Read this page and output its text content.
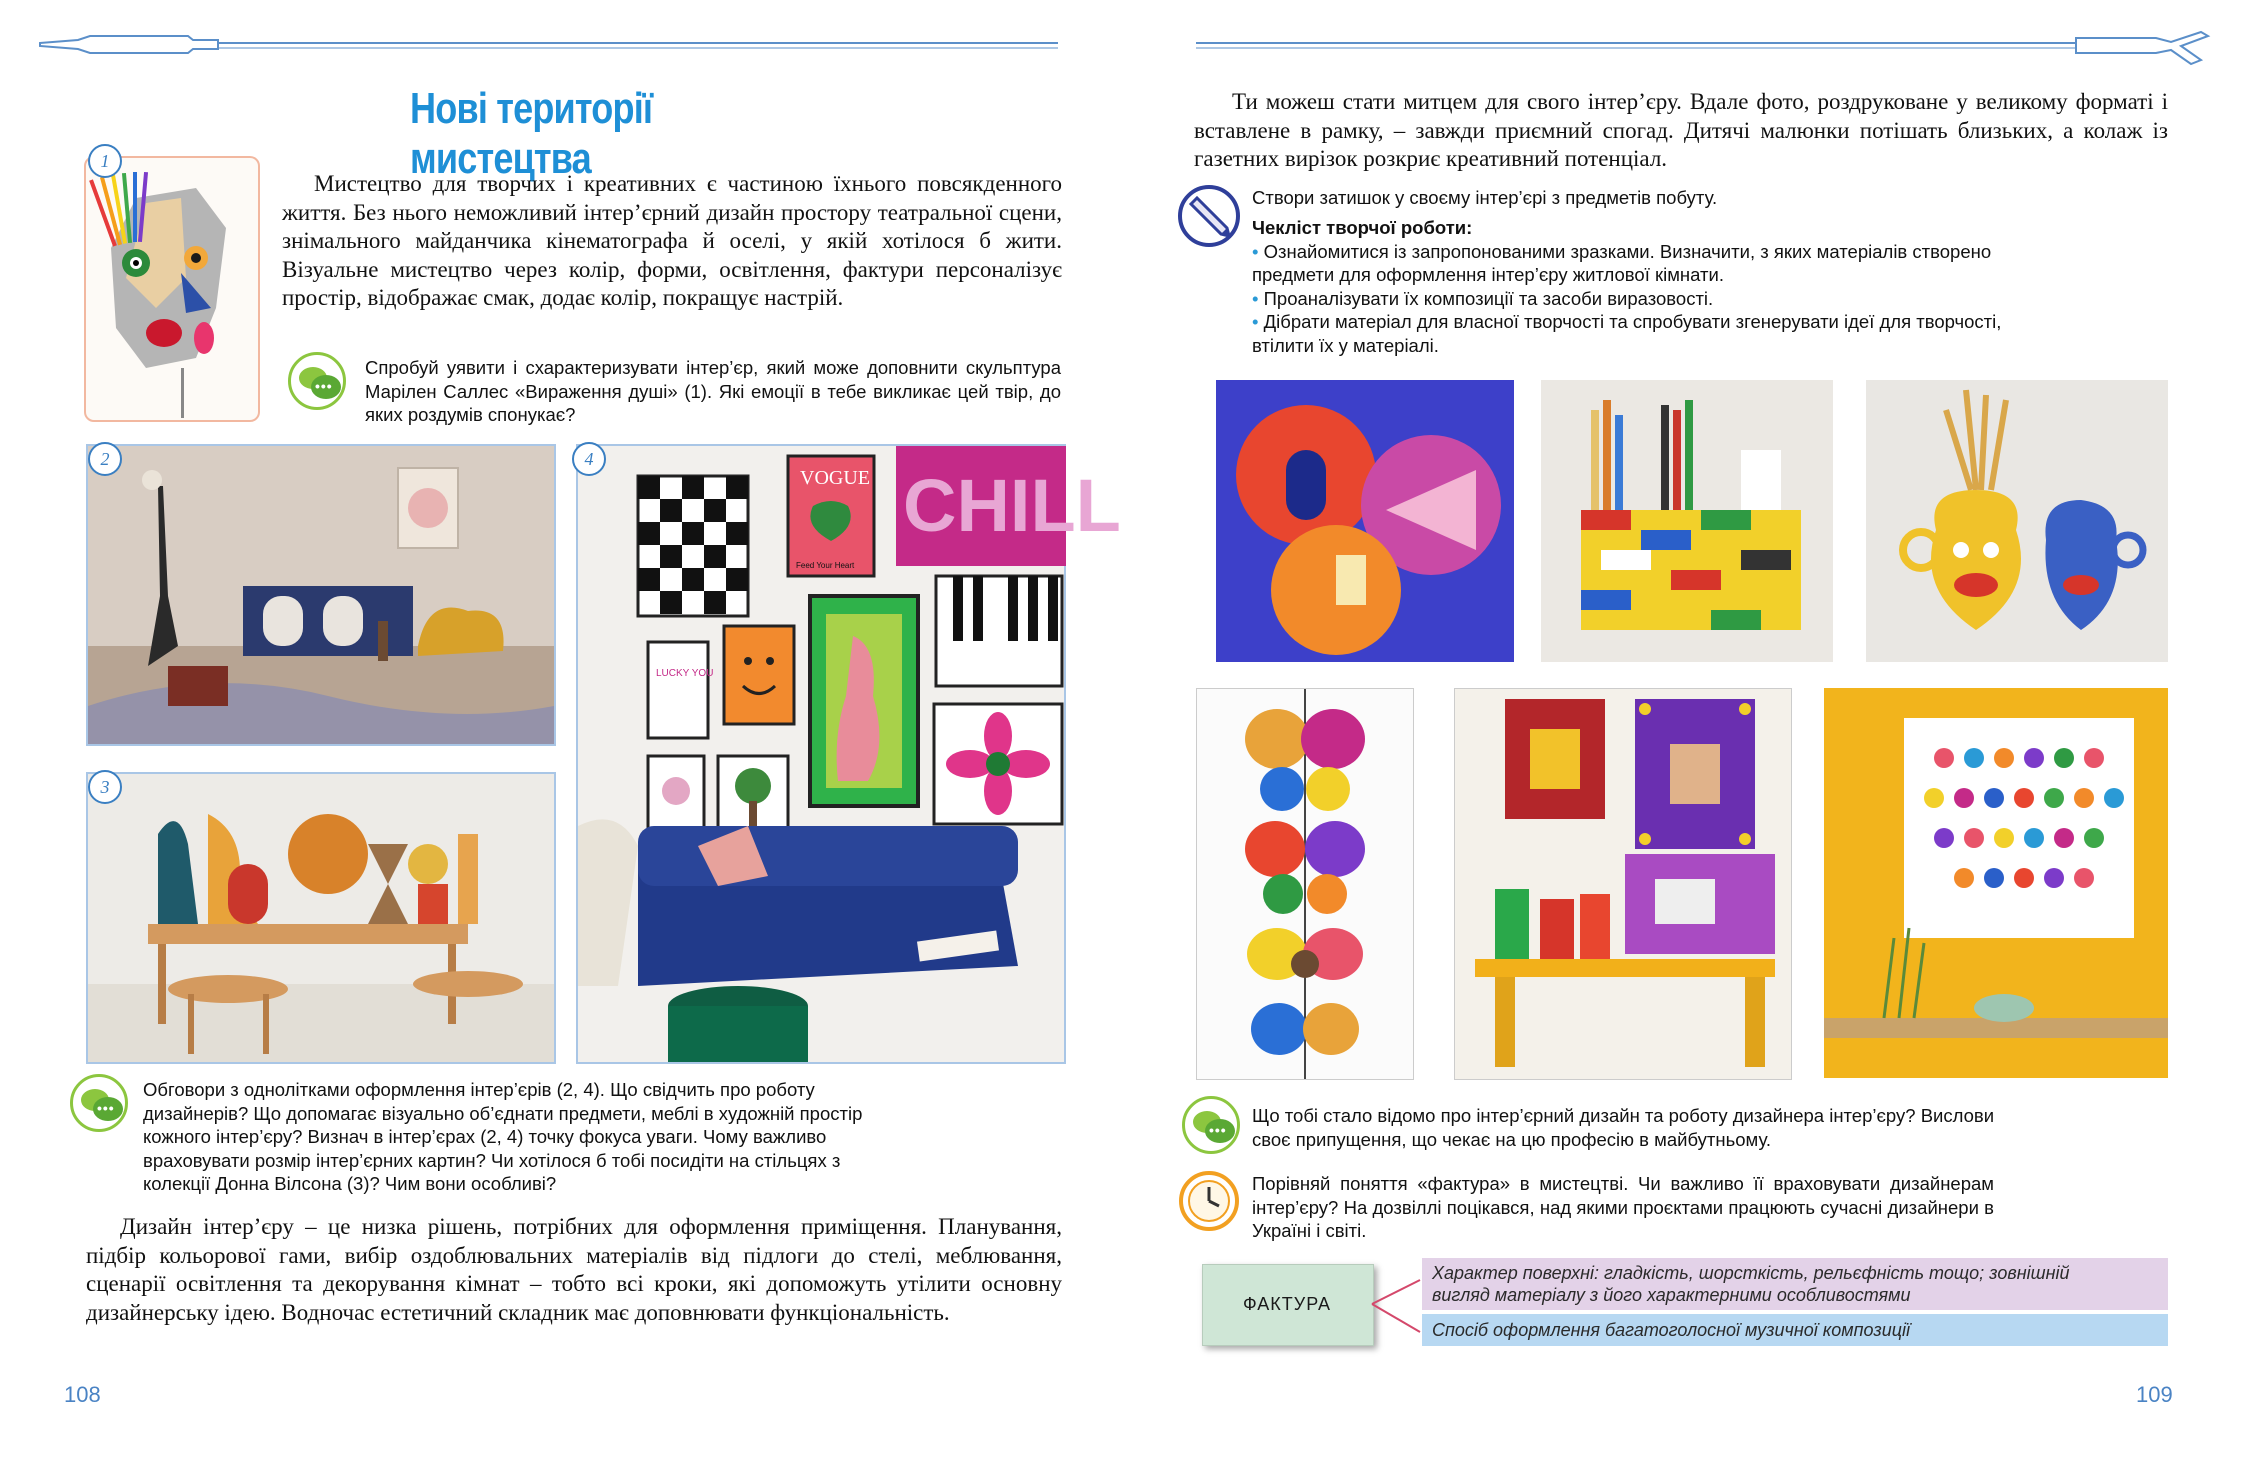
Нові території мистецтва
1
Мистецтво для творчих і креативних є частиною їхнього повсякденного життя. Без нього неможливий інтер’єрний дизайн простору театральної сцени, знімального майданчика кінематографа й оселі, у якій хотілося б жити. Візуальне мистецтво через колір, форми, освітлення, фактури персоналізує простір, відображає смак, додає колір, покращує настрій.
•••
Спробуй уявити і схарактеризувати інтер’єр, який може доповнити скульптура Марілен Саллес «Вираження душі» (1). Які емоції в тебе викликає цей твір, до яких роздумів спонукає?
2
3
VOGUE
Feed Your Heart
CHILL
LUCKY YOU
4
•••
Обговори з однолітками оформлення інтер’єрів (2, 4). Що свідчить про роботу дизайнерів? Що допомагає візуально об’єднати предмети, меблі в художній простір кожного інтер’єру? Визнач в інтер’єрах (2, 4) точку фокуса уваги. Чому важливо враховувати розмір інтер’єрних картин? Чи хотілося б тобі посидіти на стільцях з колекції Донна Вілсона (3)? Чим вони особливі?
Дизайн інтер’єру – це низка рішень, потрібних для оформлення приміщення. Планування, підбір кольорової гами, вибір оздоблювальних матеріалів від підлоги до стелі, меблювання, сценарії освітлення та декорування кімнат – тобто всі кроки, які допоможуть утілити основну дизайнерську ідею. Водночас естетичний складник має доповнювати функціональність.
108
Ти можеш стати митцем для свого інтер’єру. Вдале фото, роздруковане у великому форматі і вставлене в рамку, – завжди приємний спогад. Дитячі малюнки потішать близьких, а колаж із газетних вирізок розкриє креативний потенціал.
Створи затишок у своєму інтер’єрі з предметів побуту.
Чекліст творчої роботи:
• Ознайомитися із запропонованими зразками. Визначити, з яких матеріалів створено предмети для оформлення інтер’єру житлової кімнати.
• Проаналізувати їх композиції та засоби виразовості.
• Дібрати матеріал для власної творчості та спробувати згенерувати ідеї для творчості, втілити їх у матеріалі.
•••
Що тобі стало відомо про інтер’єрний дизайн та роботу дизайнера інтер’єру? Вислови своє припущення, що чекає на цю професію в майбутньому.
Порівняй поняття «фактура» в мистецтві. Чи важливо її враховувати дизайнерам інтер’єру? На дозвіллі поцікався, над якими проєктами працюють сучасні дизайнери в Україні і світі.
ФАКТУРА
Характер поверхні: гладкість, шорсткість, рельєфність тощо; зовнішній вигляд матеріалу з його характерними особливостями
Спосіб оформлення багатоголосної музичної композиції
109
